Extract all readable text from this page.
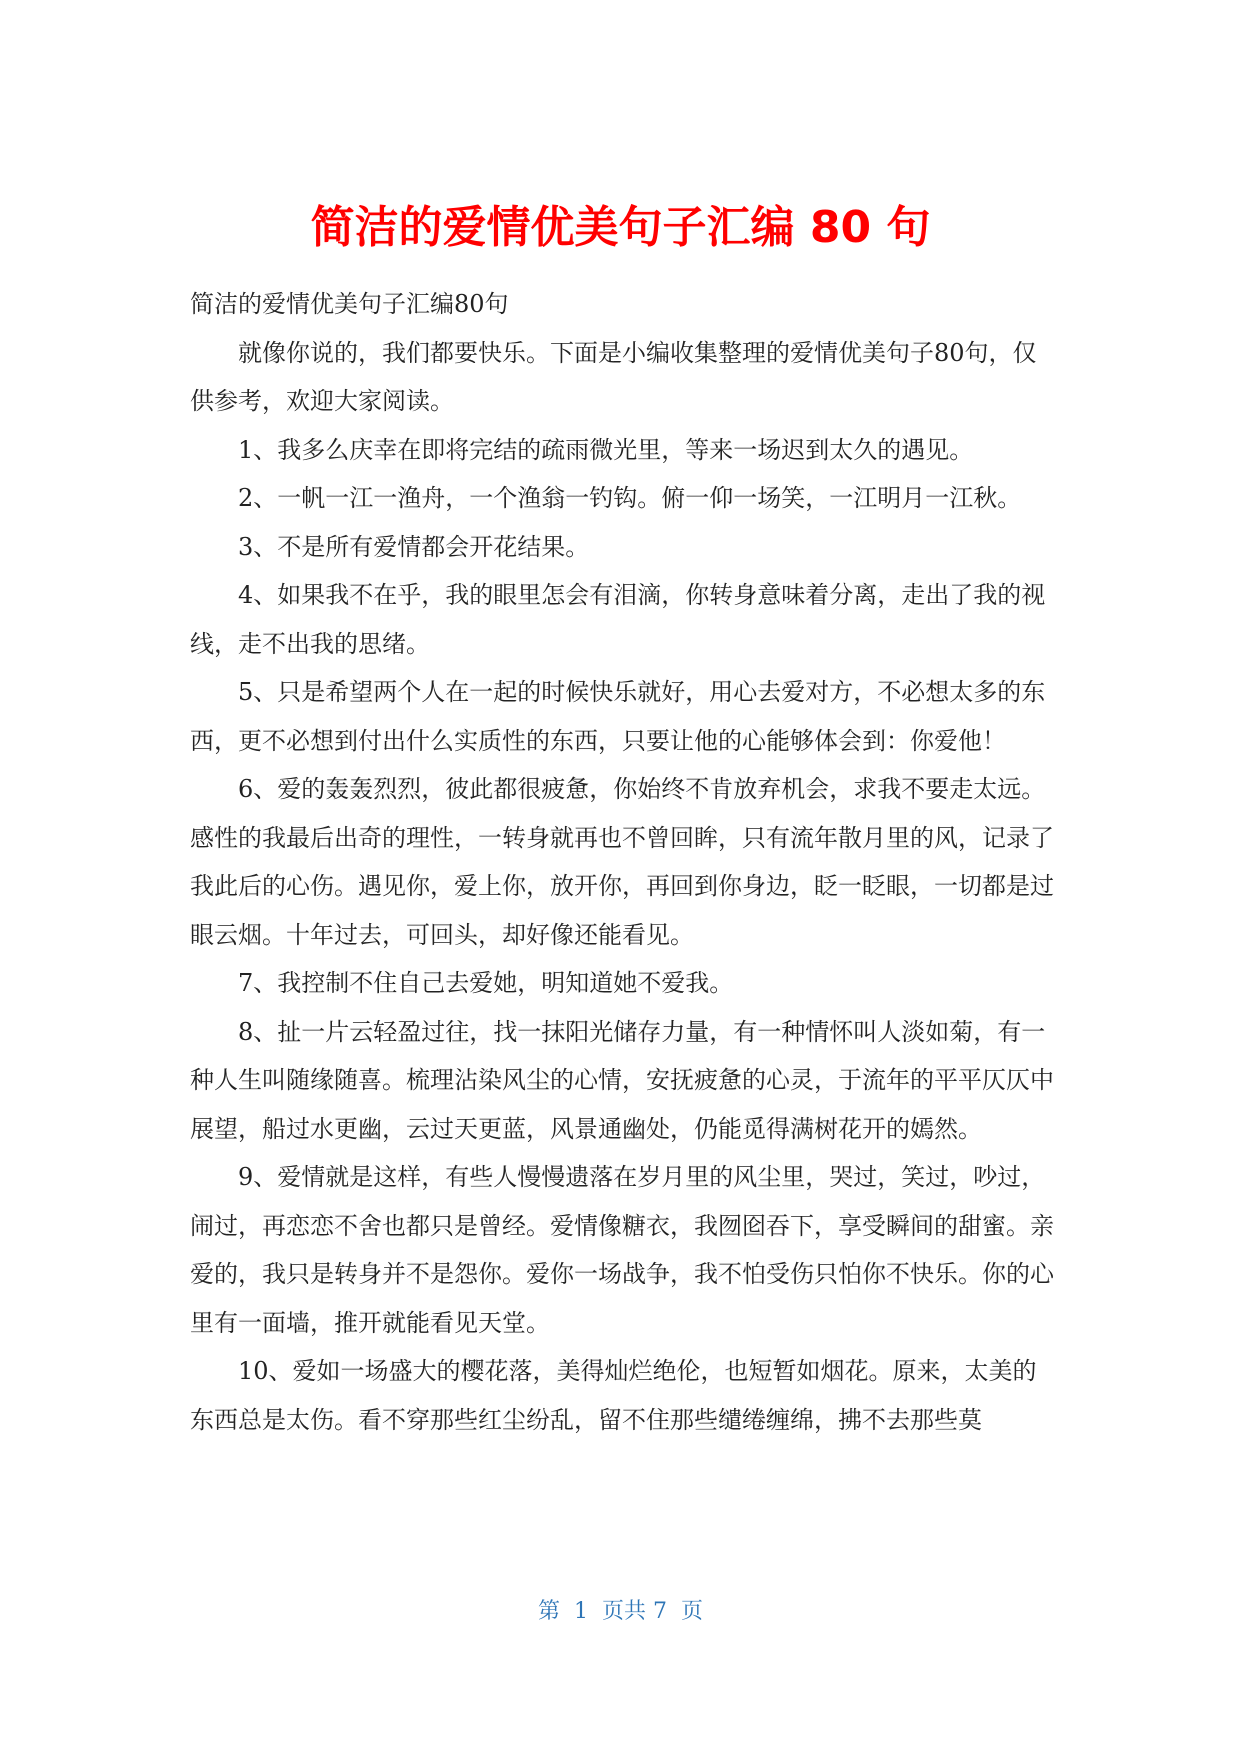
简洁的爱情优美句子汇编 80 句

简洁的爱情优美句子汇编80句

就像你说的，我们都要快乐。下面是小编收集整理的爱情优美句子80句，仅供参考，欢迎大家阅读。

1、我多么庆幸在即将完结的疏雨微光里，等来一场迟到太久的遇见。

2、一帆一江一渔舟，一个渔翁一钓钩。俯一仰一场笑，一江明月一江秋。

3、不是所有爱情都会开花结果。

4、如果我不在乎，我的眼里怎会有泪滴，你转身意味着分离，走出了我的视线，走不出我的思绪。

5、只是希望两个人在一起的时候快乐就好，用心去爱对方，不必想太多的东西，更不必想到付出什么实质性的东西，只要让他的心能够体会到：你爱他！

6、爱的轰轰烈烈，彼此都很疲惫，你始终不肯放弃机会，求我不要走太远。感性的我最后出奇的理性，一转身就再也不曾回眸，只有流年散月里的风，记录了我此后的心伤。遇见你，爱上你，放开你，再回到你身边，眨一眨眼，一切都是过眼云烟。十年过去，可回头，却好像还能看见。

7、我控制不住自己去爱她，明知道她不爱我。

8、扯一片云轻盈过往，找一抹阳光储存力量，有一种情怀叫人淡如菊，有一种人生叫随缘随喜。梳理沾染风尘的心情，安抚疲惫的心灵，于流年的平平仄仄中展望，船过水更幽，云过天更蓝，风景通幽处，仍能觅得满树花开的嫣然。

9、爱情就是这样，有些人慢慢遗落在岁月里的风尘里，哭过，笑过，吵过，闹过，再恋恋不舍也都只是曾经。爱情像糖衣，我囫囵吞下，享受瞬间的甜蜜。亲爱的，我只是转身并不是怨你。爱你一场战争，我不怕受伤只怕你不快乐。你的心里有一面墙，推开就能看见天堂。

10、爱如一场盛大的樱花落，美得灿烂绝伦，也短暂如烟花。原来，太美的东西总是太伤。看不穿那些红尘纷乱，留不住那些缱绻缠绵，拂不去那些莫

第  1  页共 7  页
